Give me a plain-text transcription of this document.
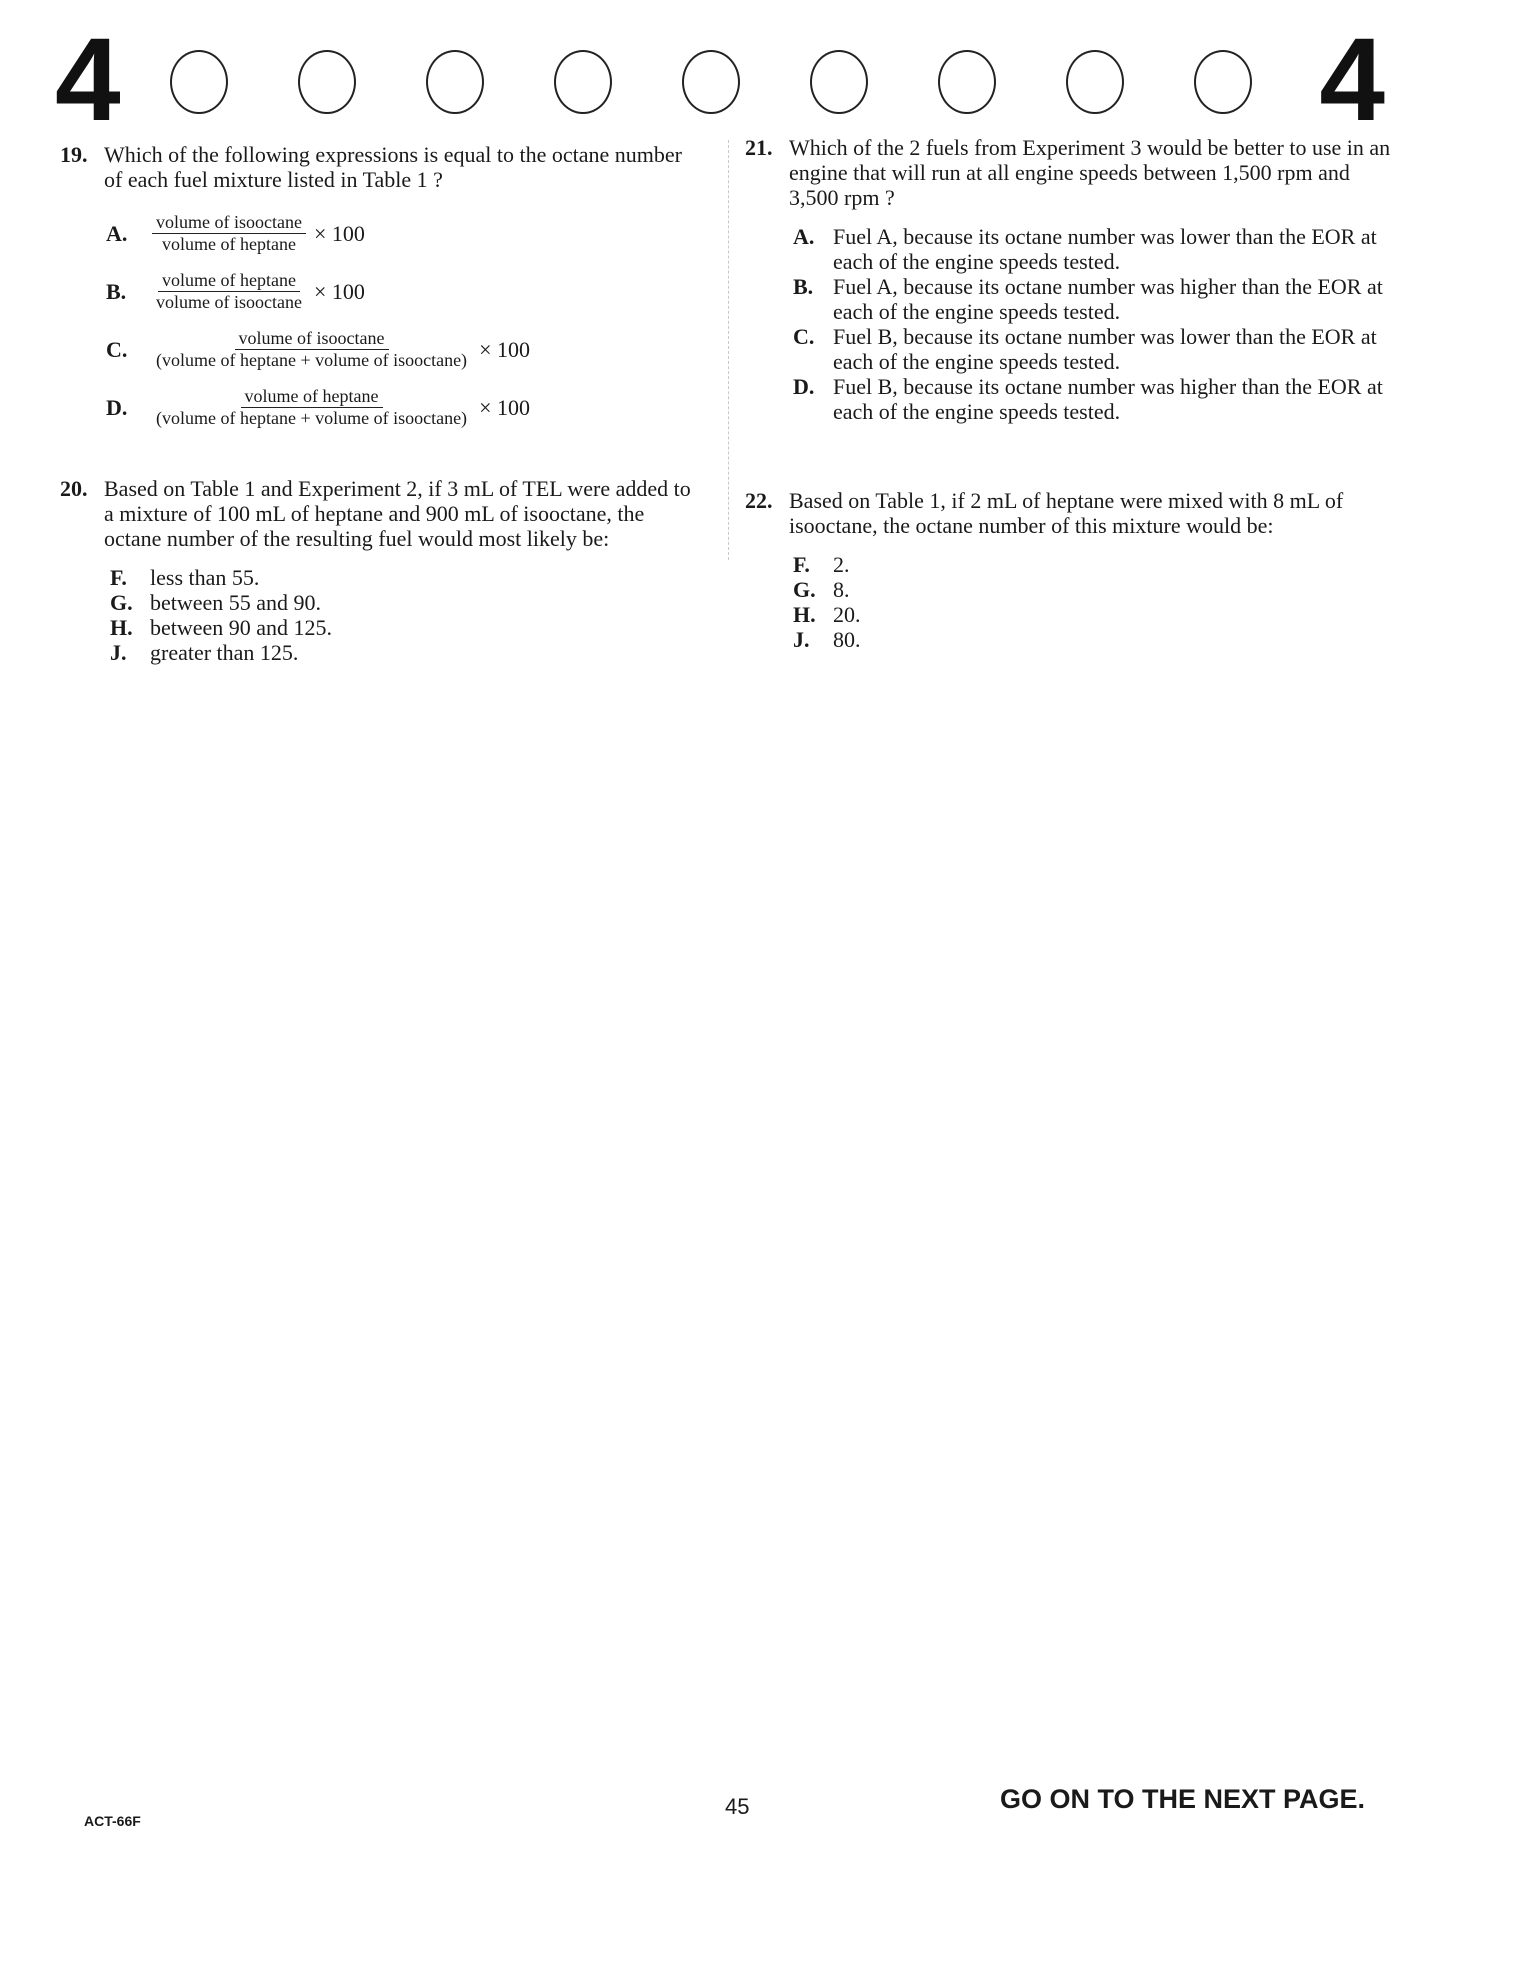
4	4
19. Which of the following expressions is equal to the octane number of each fuel mixture listed in Table 1 ?
A.	$\frac{\text{volume of isooctane}}{\text{volume of heptane}} \times 100$
B.	$\frac{\text{volume of heptane}}{\text{volume of isooctane}} \times 100$
C.	$\frac{\text{volume of isooctane}}{\text{(volume of heptane + volume of isooctane)}} \times 100$
D.	$\frac{\text{volume of heptane}}{\text{(volume of heptane + volume of isooctane)}} \times 100$
20. Based on Table 1 and Experiment 2, if 3 mL of TEL were added to a mixture of 100 mL of heptane and 900 mL of isooctane, the octane number of the resulting fuel would most likely be:
F.	less than 55.
G. between 55 and 90.
H. between 90 and 125.
J.	greater than 125.
21. Which of the 2 fuels from Experiment 3 would be better to use in an engine that will run at all engine speeds between 1,500 rpm and 3,500 rpm ?
A. Fuel A, because its octane number was lower than the EOR at each of the engine speeds tested.
B. Fuel A, because its octane number was higher than the EOR at each of the engine speeds tested.
C. Fuel B, because its octane number was lower than the EOR at each of the engine speeds tested.
D. Fuel B, because its octane number was higher than the EOR at each of the engine speeds tested.
22. Based on Table 1, if 2 mL of heptane were mixed with 8 mL of isooctane, the octane number of this mixture would be:
F.	2.
G. 8.
H. 20.
J.	80.
ACT-66F
45	GO ON TO THE NEXT PAGE.
